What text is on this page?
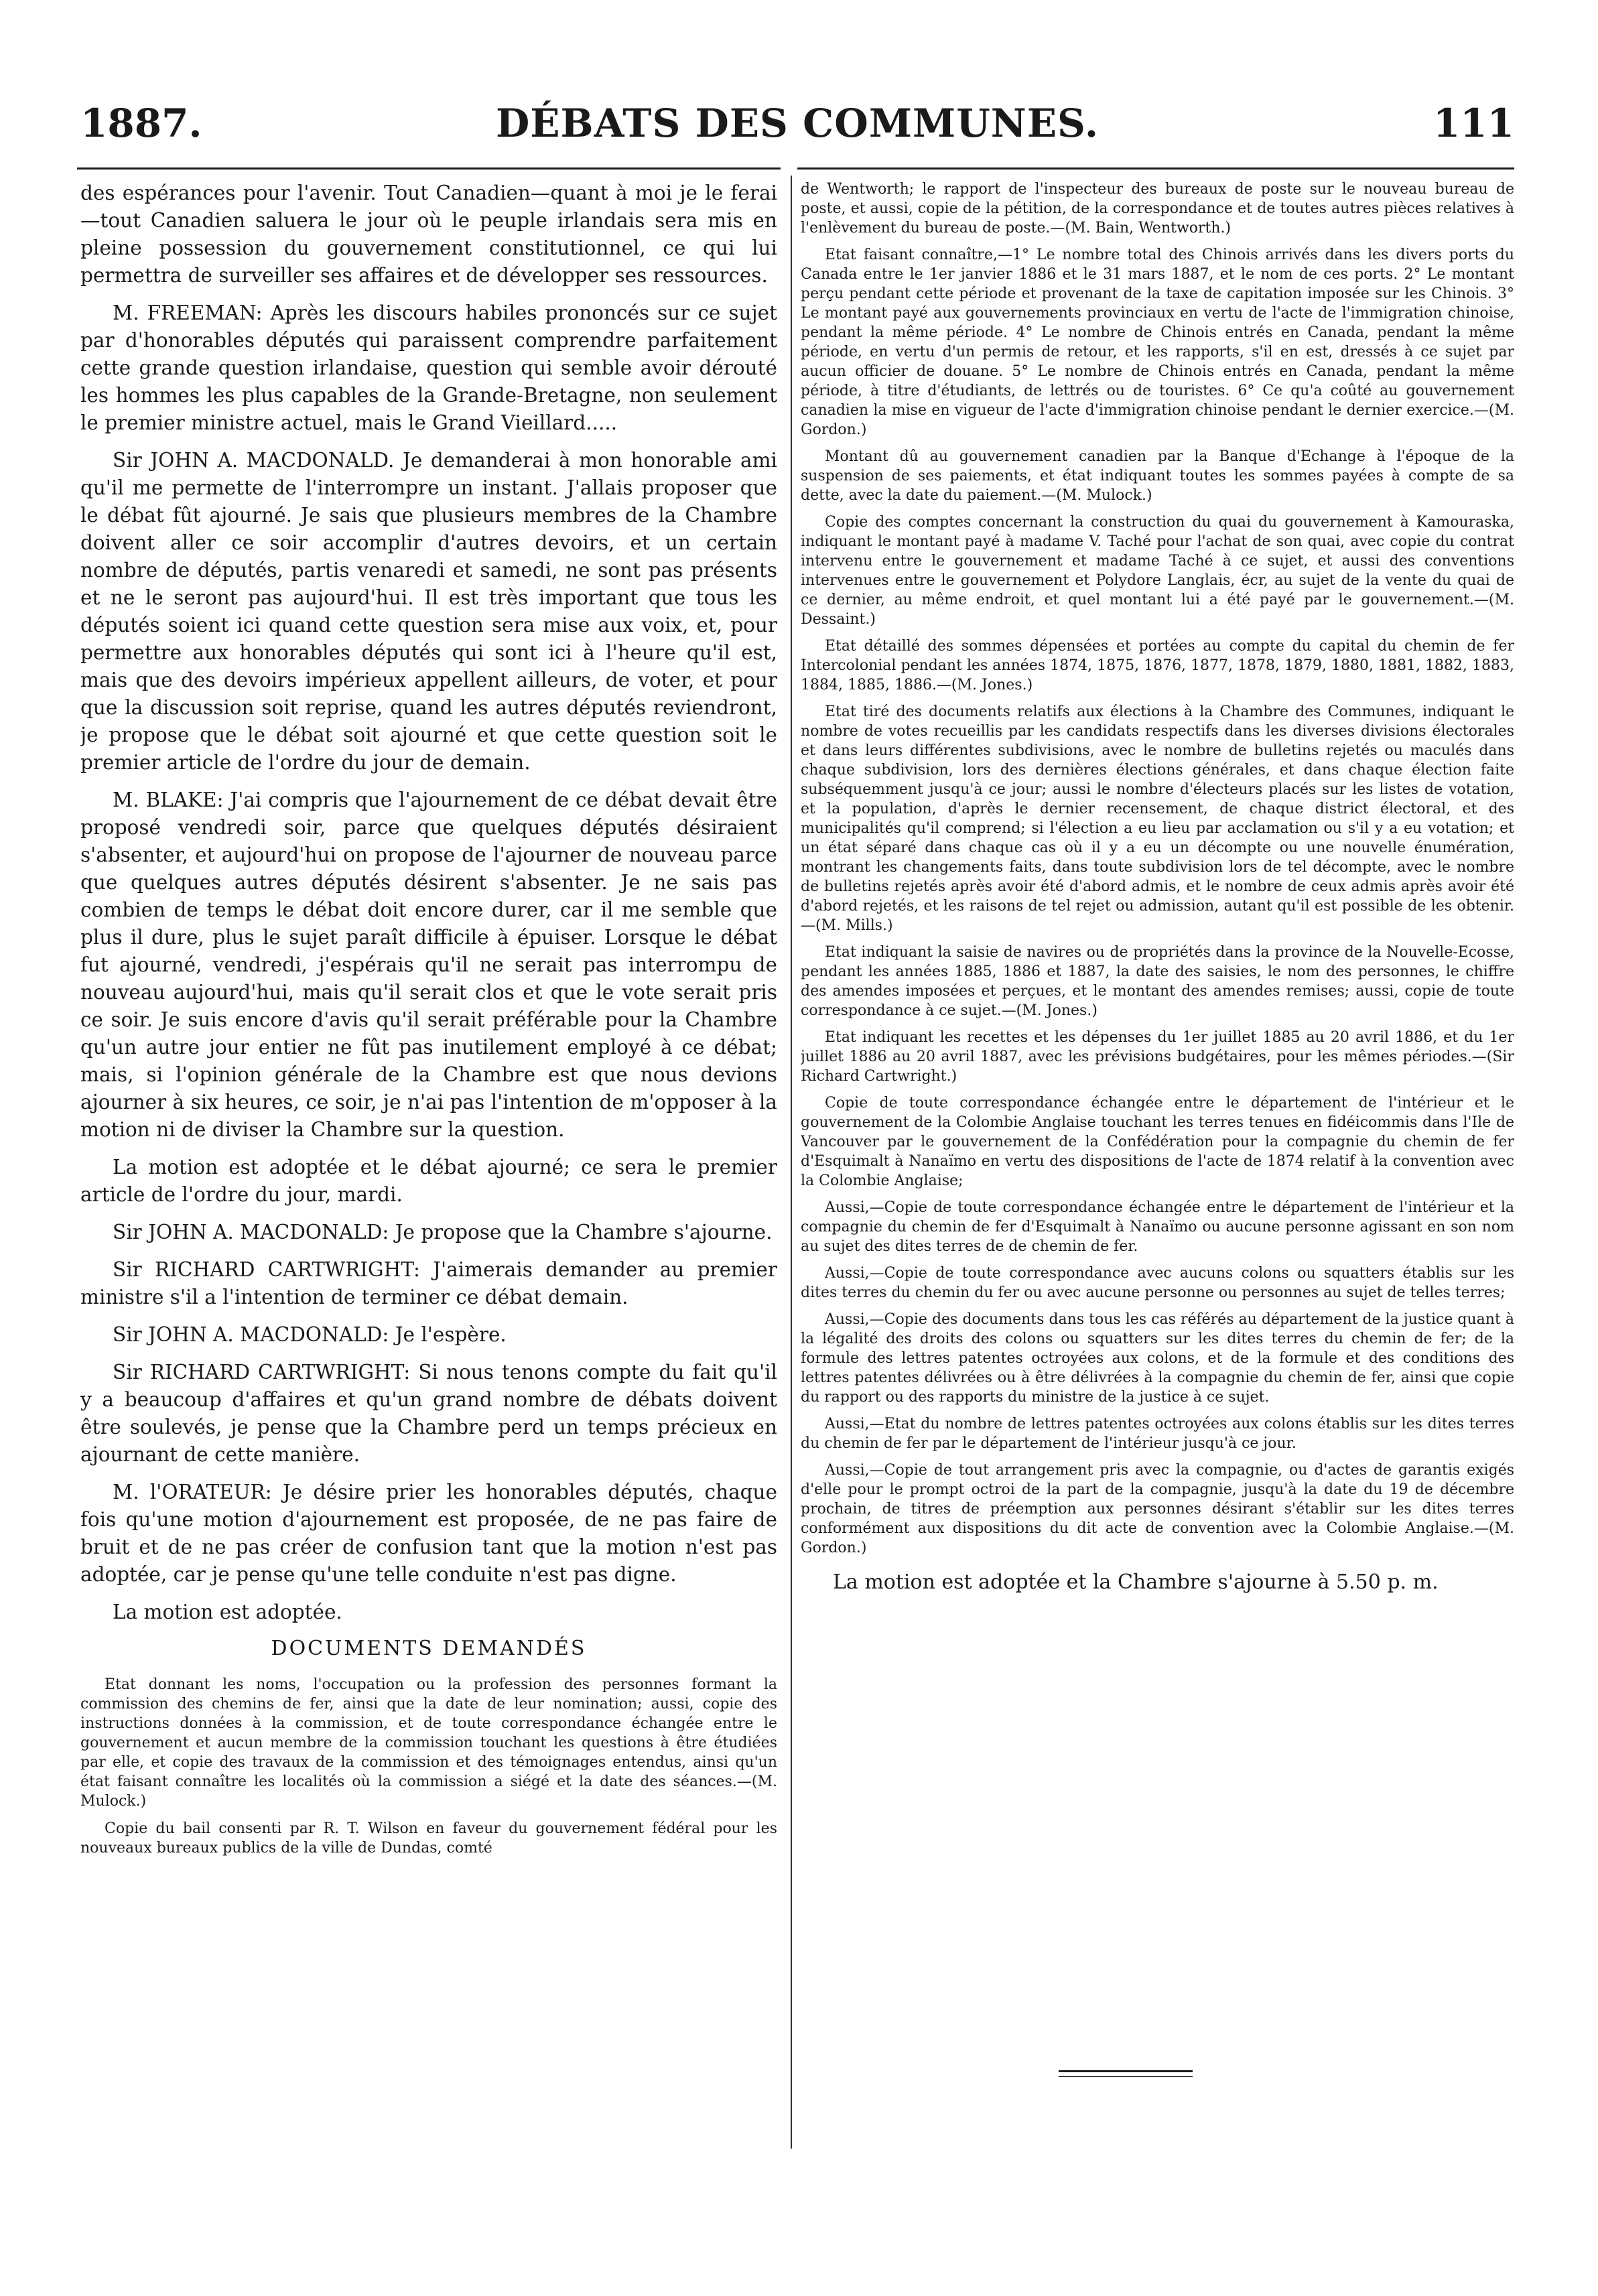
1887.	DÉBATS DES COMMUNES.	111

des espérances pour l'avenir. Tout Canadien—quant à moi je le ferai—tout Canadien saluera le jour où le peuple irlandais sera mis en pleine possession du gouvernement constitutionnel, ce qui lui permettra de surveiller ses affaires et de développer ses ressources.

M. FREEMAN: Après les discours habiles prononcés sur ce sujet par d'honorables députés qui paraissent comprendre parfaitement cette grande question irlandaise, question qui semble avoir dérouté les hommes les plus capables de la Grande-Bretagne, non seulement le premier ministre actuel, mais le Grand Vieillard.....

Sir JOHN A. MACDONALD. Je demanderai à mon honorable ami qu'il me permette de l'interrompre un instant. J'allais proposer que le débat fût ajourné. Je sais que plusieurs membres de la Chambre doivent aller ce soir accomplir d'autres devoirs, et un certain nombre de députés, partis venaredi et samedi, ne sont pas présents et ne le seront pas aujourd'hui. Il est très important que tous les députés soient ici quand cette question sera mise aux voix, et, pour permettre aux honorables députés qui sont ici à l'heure qu'il est, mais que des devoirs impérieux appellent ailleurs, de voter, et pour que la discussion soit reprise, quand les autres députés reviendront, je propose que le débat soit ajourné et que cette question soit le premier article de l'ordre du jour de demain.

M. BLAKE: J'ai compris que l'ajournement de ce débat devait être proposé vendredi soir, parce que quelques députés désiraient s'absenter, et aujourd'hui on propose de l'ajourner de nouveau parce que quelques autres députés désirent s'absenter. Je ne sais pas combien de temps le débat doit encore durer, car il me semble que plus il dure, plus le sujet paraît difficile à épuiser. Lorsque le débat fut ajourné, vendredi, j'espérais qu'il ne serait pas interrompu de nouveau aujourd'hui, mais qu'il serait clos et que le vote serait pris ce soir. Je suis encore d'avis qu'il serait préférable pour la Chambre qu'un autre jour entier ne fût pas inutilement employé à ce débat; mais, si l'opinion générale de la Chambre est que nous devions ajourner à six heures, ce soir, je n'ai pas l'intention de m'opposer à la motion ni de diviser la Chambre sur la question.

La motion est adoptée et le débat ajourné; ce sera le premier article de l'ordre du jour, mardi.

Sir JOHN A. MACDONALD: Je propose que la Chambre s'ajourne.

Sir RICHARD CARTWRIGHT: J'aimerais demander au premier ministre s'il a l'intention de terminer ce débat demain.

Sir JOHN A. MACDONALD: Je l'espère.

Sir RICHARD CARTWRIGHT: Si nous tenons compte du fait qu'il y a beaucoup d'affaires et qu'un grand nombre de débats doivent être soulevés, je pense que la Chambre perd un temps précieux en ajournant de cette manière.

M. l'ORATEUR: Je désire prier les honorables députés, chaque fois qu'une motion d'ajournement est proposée, de ne pas faire de bruit et de ne pas créer de confusion tant que la motion n'est pas adoptée, car je pense qu'une telle conduite n'est pas digne.

La motion est adoptée.

DOCUMENTS DEMANDÉS

Etat donnant les noms, l'occupation ou la profession des personnes formant la commission des chemins de fer, ainsi que la date de leur nomination; aussi, copie des instructions données à la commission, et de toute correspondance échangée entre le gouvernement et aucun membre de la commission touchant les questions à être étudiées par elle, et copie des travaux de la commission et des témoignages entendus, ainsi qu'un état faisant connaître les localités où la commission a siégé et la date des séances.—(M. Mulock.)

Copie du bail consenti par R. T. Wilson en faveur du gouvernement fédéral pour les nouveaux bureaux publics de la ville de Dundas, comté

de Wentworth; le rapport de l'inspecteur des bureaux de poste sur le nouveau bureau de poste, et aussi, copie de la pétition, de la correspondance et de toutes autres pièces relatives à l'enlèvement du bureau de poste.—(M. Bain, Wentworth.)

Etat faisant connaître,—1° Le nombre total des Chinois arrivés dans les divers ports du Canada entre le 1er janvier 1886 et le 31 mars 1887, et le nom de ces ports. 2° Le montant perçu pendant cette période et provenant de la taxe de capitation imposée sur les Chinois. 3° Le montant payé aux gouvernements provinciaux en vertu de l'acte de l'immigration chinoise, pendant la même période. 4° Le nombre de Chinois entrés en Canada, pendant la même période, en vertu d'un permis de retour, et les rapports, s'il en est, dressés à ce sujet par aucun officier de douane. 5° Le nombre de Chinois entrés en Canada, pendant la même période, à titre d'étudiants, de lettrés ou de touristes. 6° Ce qu'a coûté au gouvernement canadien la mise en vigueur de l'acte d'immigration chinoise pendant le dernier exercice.—(M. Gordon.)

Montant dû au gouvernement canadien par la Banque d'Echange à l'époque de la suspension de ses paiements, et état indiquant toutes les sommes payées à compte de sa dette, avec la date du paiement.—(M. Mulock.)

Copie des comptes concernant la construction du quai du gouvernement à Kamouraska, indiquant le montant payé à madame V. Taché pour l'achat de son quai, avec copie du contrat intervenu entre le gouvernement et madame Taché à ce sujet, et aussi des conventions intervenues entre le gouvernement et Polydore Langlais, écr, au sujet de la vente du quai de ce dernier, au même endroit, et quel montant lui a été payé par le gouvernement.—(M. Dessaint.)

Etat détaillé des sommes dépensées et portées au compte du capital du chemin de fer Intercolonial pendant les années 1874, 1875, 1876, 1877, 1878, 1879, 1880, 1881, 1882, 1883, 1884, 1885, 1886.—(M. Jones.)

Etat tiré des documents relatifs aux élections à la Chambre des Communes, indiquant le nombre de votes recueillis par les candidats respectifs dans les diverses divisions électorales et dans leurs différentes subdivisions, avec le nombre de bulletins rejetés ou maculés dans chaque subdivision, lors des dernières élections générales, et dans chaque élection faite subséquemment jusqu'à ce jour; aussi le nombre d'électeurs placés sur les listes de votation, et la population, d'après le dernier recensement, de chaque district électoral, et des municipalités qu'il comprend; si l'élection a eu lieu par acclamation ou s'il y a eu votation; et un état séparé dans chaque cas où il y a eu un décompte ou une nouvelle énumération, montrant les changements faits, dans toute subdivision lors de tel décompte, avec le nombre de bulletins rejetés après avoir été d'abord admis, et le nombre de ceux admis après avoir été d'abord rejetés, et les raisons de tel rejet ou admission, autant qu'il est possible de les obtenir.—(M. Mills.)

Etat indiquant la saisie de navires ou de propriétés dans la province de la Nouvelle-Ecosse, pendant les années 1885, 1886 et 1887, la date des saisies, le nom des personnes, le chiffre des amendes imposées et perçues, et le montant des amendes remises; aussi, copie de toute correspondance à ce sujet.—(M. Jones.)

Etat indiquant les recettes et les dépenses du 1er juillet 1885 au 20 avril 1886, et du 1er juillet 1886 au 20 avril 1887, avec les prévisions budgétaires, pour les mêmes périodes.—(Sir Richard Cartwright.)

Copie de toute correspondance échangée entre le département de l'intérieur et le gouvernement de la Colombie Anglaise touchant les terres tenues en fidéicommis dans l'Ile de Vancouver par le gouvernement de la Confédération pour la compagnie du chemin de fer d'Esquimalt à Nanaïmo en vertu des dispositions de l'acte de 1874 relatif à la convention avec la Colombie Anglaise;

Aussi,—Copie de toute correspondance échangée entre le département de l'intérieur et la compagnie du chemin de fer d'Esquimalt à Nanaïmo ou aucune personne agissant en son nom au sujet des dites terres de de chemin de fer.

Aussi,—Copie de toute correspondance avec aucuns colons ou squatters établis sur les dites terres du chemin du fer ou avec aucune personne ou personnes au sujet de telles terres;

Aussi,—Copie des documents dans tous les cas référés au département de la justice quant à la légalité des droits des colons ou squatters sur les dites terres du chemin de fer; de la formule des lettres patentes octroyées aux colons, et de la formule et des conditions des lettres patentes délivrées ou à être délivrées à la compagnie du chemin de fer, ainsi que copie du rapport ou des rapports du ministre de la justice à ce sujet.

Aussi,—Etat du nombre de lettres patentes octroyées aux colons établis sur les dites terres du chemin de fer par le département de l'intérieur jusqu'à ce jour.

Aussi,—Copie de tout arrangement pris avec la compagnie, ou d'actes de garantis exigés d'elle pour le prompt octroi de la part de la compagnie, jusqu'à la date du 19 de décembre prochain, de titres de préemption aux personnes désirant s'établir sur les dites terres conformément aux dispositions du dit acte de convention avec la Colombie Anglaise.—(M. Gordon.)

La motion est adoptée et la Chambre s'ajourne à 5.50 p. m.
